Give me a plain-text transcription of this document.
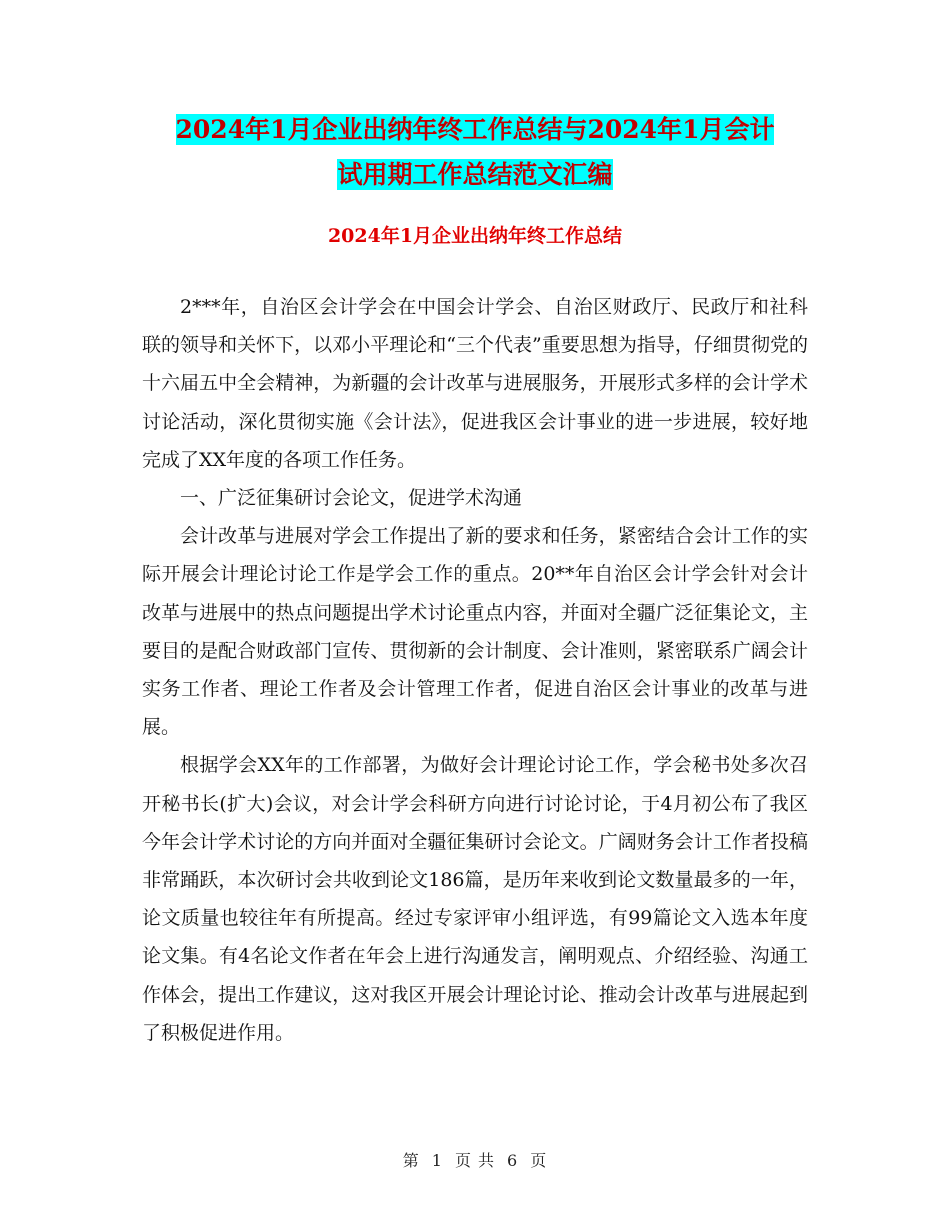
2024年1月企业出纳年终工作总结与2024年1月会计
试用期工作总结范文汇编
2024年1月企业出纳年终工作总结

2***年，自治区会计学会在中国会计学会、自治区财政厅、民政厅和社科联的领导和关怀下，以邓小平理论和“三个代表”重要思想为指导，仔细贯彻党的十六届五中全会精神，为新疆的会计改革与进展服务，开展形式多样的会计学术讨论活动，深化贯彻实施《会计法》，促进我区会计事业的进一步进展，较好地完成了XX年度的各项工作任务。

一、广泛征集研讨会论文，促进学术沟通

会计改革与进展对学会工作提出了新的要求和任务，紧密结合会计工作的实际开展会计理论讨论工作是学会工作的重点。20**年自治区会计学会针对会计改革与进展中的热点问题提出学术讨论重点内容，并面对全疆广泛征集论文，主要目的是配合财政部门宣传、贯彻新的会计制度、会计准则，紧密联系广阔会计实务工作者、理论工作者及会计管理工作者，促进自治区会计事业的改革与进展。

根据学会XX年的工作部署，为做好会计理论讨论工作，学会秘书处多次召开秘书长(扩大)会议，对会计学会科研方向进行讨论讨论，于4月初公布了我区今年会计学术讨论的方向并面对全疆征集研讨会论文。广阔财务会计工作者投稿非常踊跃，本次研讨会共收到论文186篇，是历年来收到论文数量最多的一年，论文质量也较往年有所提高。经过专家评审小组评选，有99篇论文入选本年度论文集。有4名论文作者在年会上进行沟通发言，阐明观点、介绍经验、沟通工作体会，提出工作建议，这对我区开展会计理论讨论、推动会计改革与进展起到了积极促进作用。

第 1 页 共 6 页
